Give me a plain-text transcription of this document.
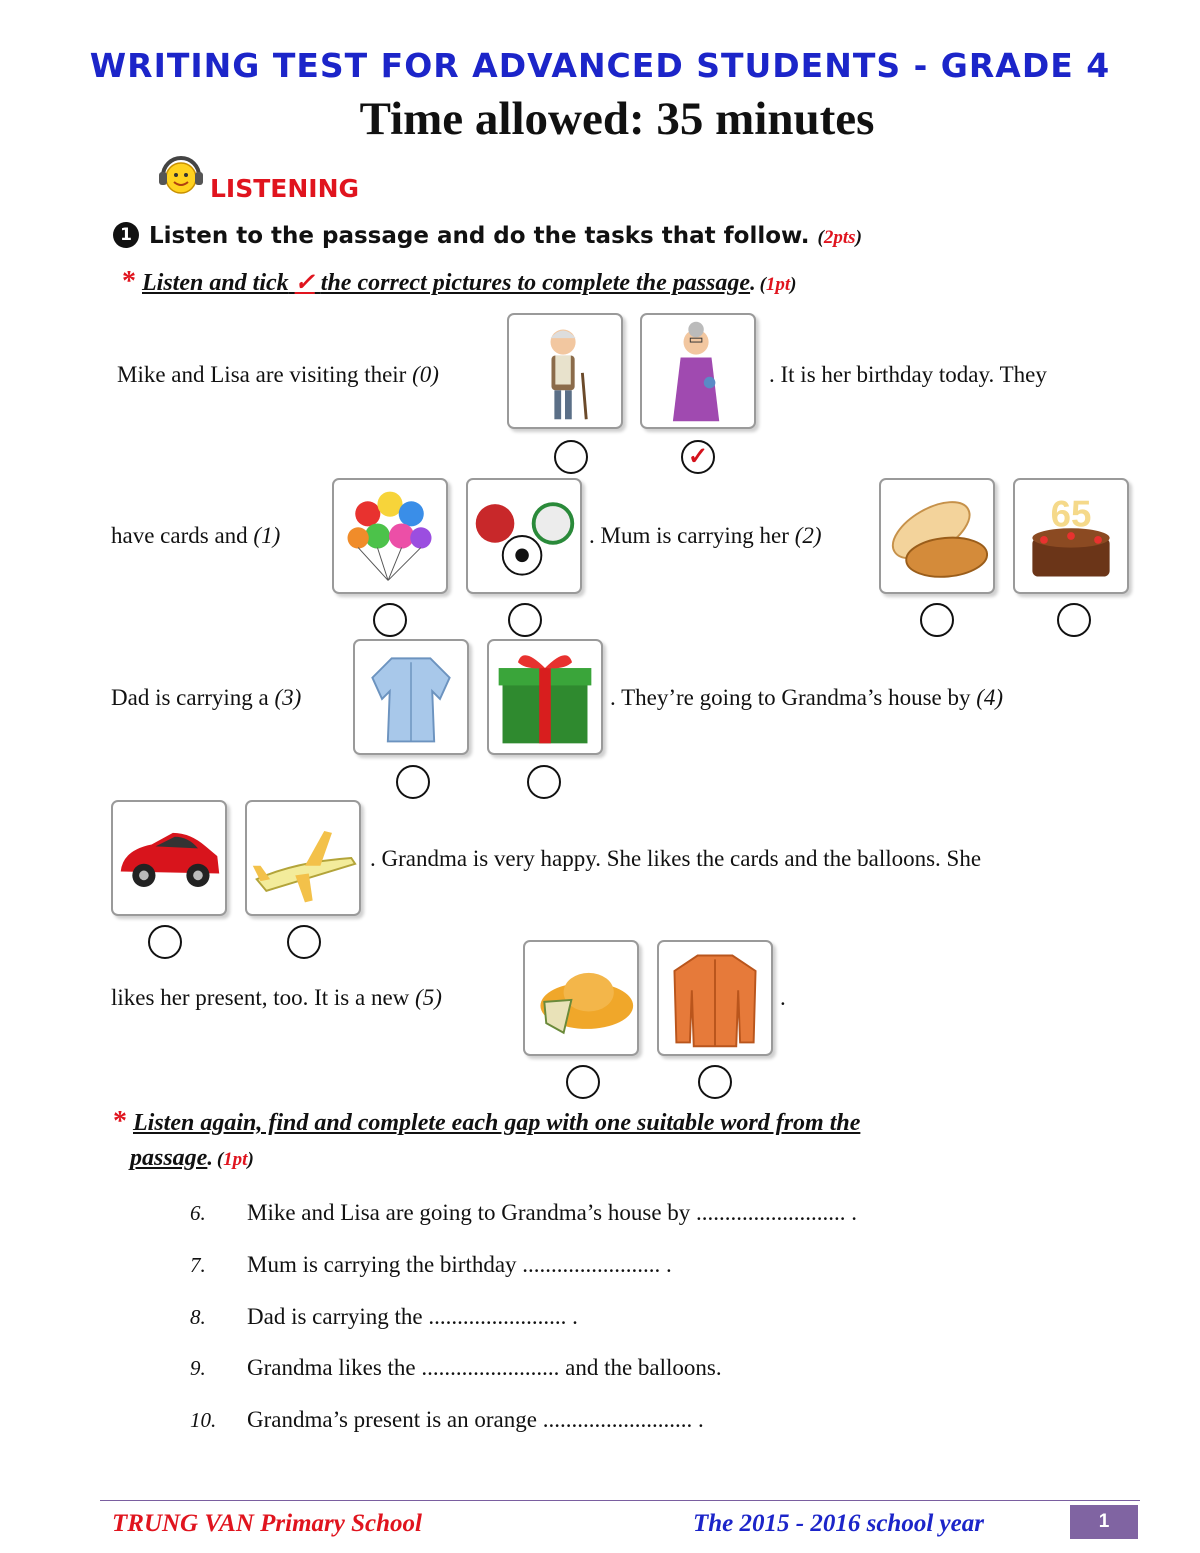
WRITING TEST FOR ADVANCED STUDENTS - GRADE 4
Time allowed: 35 minutes
LISTENING
1 Listen to the passage and do the tasks that follow. (2pts)
* Listen and tick ✓ the correct pictures to complete the passage. (1pt)
Mike and Lisa are visiting their (0)	. It is her birthday today. They
have cards and (1)	. Mum is carrying her (2)
Dad is carrying a (3)	. They’re going to Grandma’s house by (4)
. Grandma is very happy. She likes the cards and the balloons. She
likes her present, too. It is a new (5)	.
65
✓
* Listen again, find and complete each gap with one suitable word from the
passage. (1pt)
6. Mike and Lisa are going to Grandma’s house by .......................... .
7. Mum is carrying the birthday ........................ .
8. Dad is carrying the ........................ .
9. Grandma likes the ........................ and the balloons.
10. Grandma’s present is an orange .......................... .
TRUNG VAN Primary School	The 2015 - 2016 school year	1
